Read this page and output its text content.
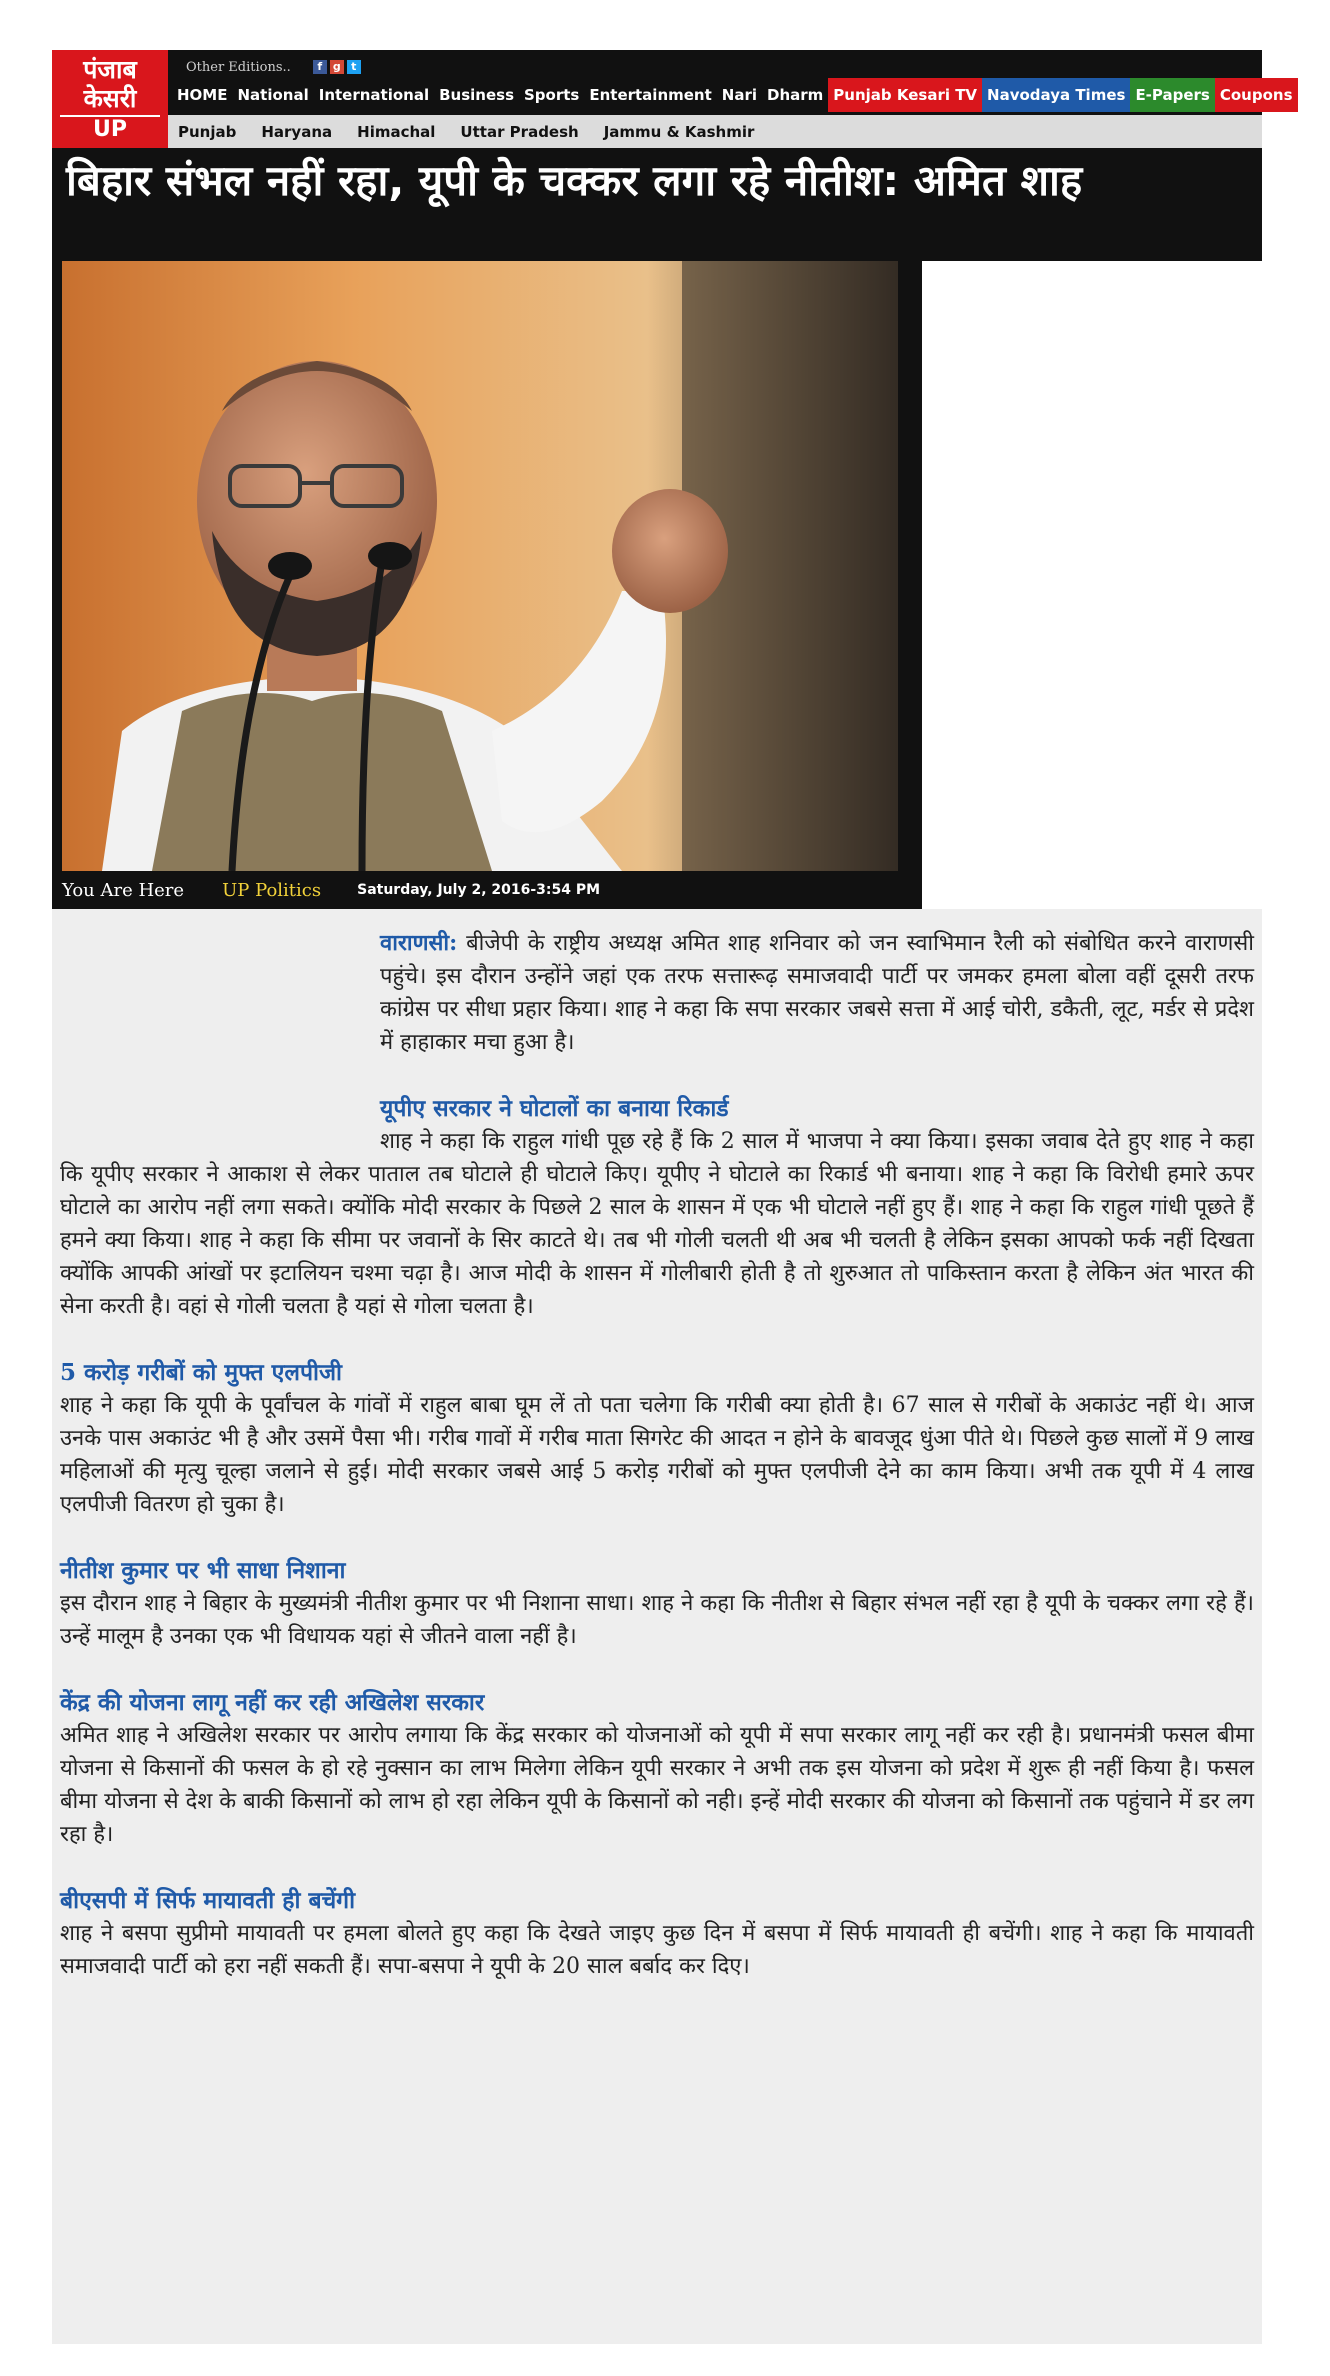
पंजाब
केसरी
UP
Other Editions..	f g t
HOME National International Business Sports Entertainment Nari Dharm Punjab Kesari TV Navodaya Times E-Papers Coupons
Punjab Haryana Himachal Uttar Pradesh Jammu & Kashmir
बिहार संभल नहीं रहा, यूपी के चक्कर लगा रहे नीतीश: अमित शाह
You Are Here UP Politics	Saturday, July 2, 2016-3:54 PM

वाराणसी: बीजेपी के राष्ट्रीय अध्यक्ष अमित शाह शनिवार को जन स्वाभिमान रैली को संबोधित करने वाराणसी पहुंचे। इस दौरान उन्होंने जहां एक तरफ सत्तारूढ़ समाजवादी पार्टी पर जमकर हमला बोला वहीं दूसरी तरफ कांग्रेस पर सीधा प्रहार किया। शाह ने कहा कि सपा सरकार जबसे सत्ता में आई चोरी, डकैती, लूट, मर्डर से प्रदेश में हाहाकार मचा हुआ है।

यूपीए सरकार ने घोटालों का बनाया रिकार्ड

शाह ने कहा कि राहुल गांधी पूछ रहे हैं कि 2 साल में भाजपा ने क्या किया। इसका जवाब देते हुए शाह ने कहा कि यूपीए सरकार ने आकाश से लेकर पाताल तब घोटाले ही घोटाले किए। यूपीए ने घोटाले का रिकार्ड भी बनाया। शाह ने कहा कि विरोधी हमारे ऊपर घोटाले का आरोप नहीं लगा सकते। क्योंकि मोदी सरकार के पिछले 2 साल के शासन में एक भी घोटाले नहीं हुए हैं। शाह ने कहा कि राहुल गांधी पूछते हैं हमने क्या किया। शाह ने कहा कि सीमा पर जवानों के सिर काटते थे। तब भी गोली चलती थी अब भी चलती है लेकिन इसका आपको फर्क नहीं दिखता क्योंकि आपकी आंखों पर इटालियन चश्मा चढ़ा है। आज मोदी के शासन में गोलीबारी होती है तो शुरुआत तो पाकिस्तान करता है लेकिन अंत भारत की सेना करती है। वहां से गोली चलता है यहां से गोला चलता है।

5 करोड़ गरीबों को मुफ्त एलपीजी

शाह ने कहा कि यूपी के पूर्वांचल के गांवों में राहुल बाबा घूम लें तो पता चलेगा कि गरीबी क्या होती है। 67 साल से गरीबों के अकाउंट नहीं थे। आज उनके पास अकाउंट भी है और उसमें पैसा भी। गरीब गावों में गरीब माता सिगरेट की आदत न होने के बावजूद धुंआ पीते थे। पिछले कुछ सालों में 9 लाख महिलाओं की मृत्यु चूल्हा जलाने से हुई। मोदी सरकार जबसे आई 5 करोड़ गरीबों को मुफ्त एलपीजी देने का काम किया। अभी तक यूपी में 4 लाख एलपीजी वितरण हो चुका है।

नीतीश कुमार पर भी साधा निशाना

इस दौरान शाह ने बिहार के मुख्यमंत्री नीतीश कुमार पर भी निशाना साधा। शाह ने कहा कि नीतीश से बिहार संभल नहीं रहा है यूपी के चक्कर लगा रहे हैं। उन्हें मालूम है उनका एक भी विधायक यहां से जीतने वाला नहीं है।

केंद्र की योजना लागू नहीं कर रही अखिलेश सरकार

अमित शाह ने अखिलेश सरकार पर आरोप लगाया कि केंद्र सरकार को योजनाओं को यूपी में सपा सरकार लागू नहीं कर रही है। प्रधानमंत्री फसल बीमा योजना से किसानों की फसल के हो रहे नुक्सान का लाभ मिलेगा लेकिन यूपी सरकार ने अभी तक इस योजना को प्रदेश में शुरू ही नहीं किया है। फसल बीमा योजना से देश के बाकी किसानों को लाभ हो रहा लेकिन यूपी के किसानों को नही। इन्हें मोदी सरकार की योजना को किसानों तक पहुंचाने में डर लग रहा है।

बीएसपी में सिर्फ मायावती ही बचेंगी

शाह ने बसपा सुप्रीमो मायावती पर हमला बोलते हुए कहा कि देखते जाइए कुछ दिन में बसपा में सिर्फ मायावती ही बचेंगी। शाह ने कहा कि मायावती समाजवादी पार्टी को हरा नहीं सकती हैं। सपा-बसपा ने यूपी के 20 साल बर्बाद कर दिए।
